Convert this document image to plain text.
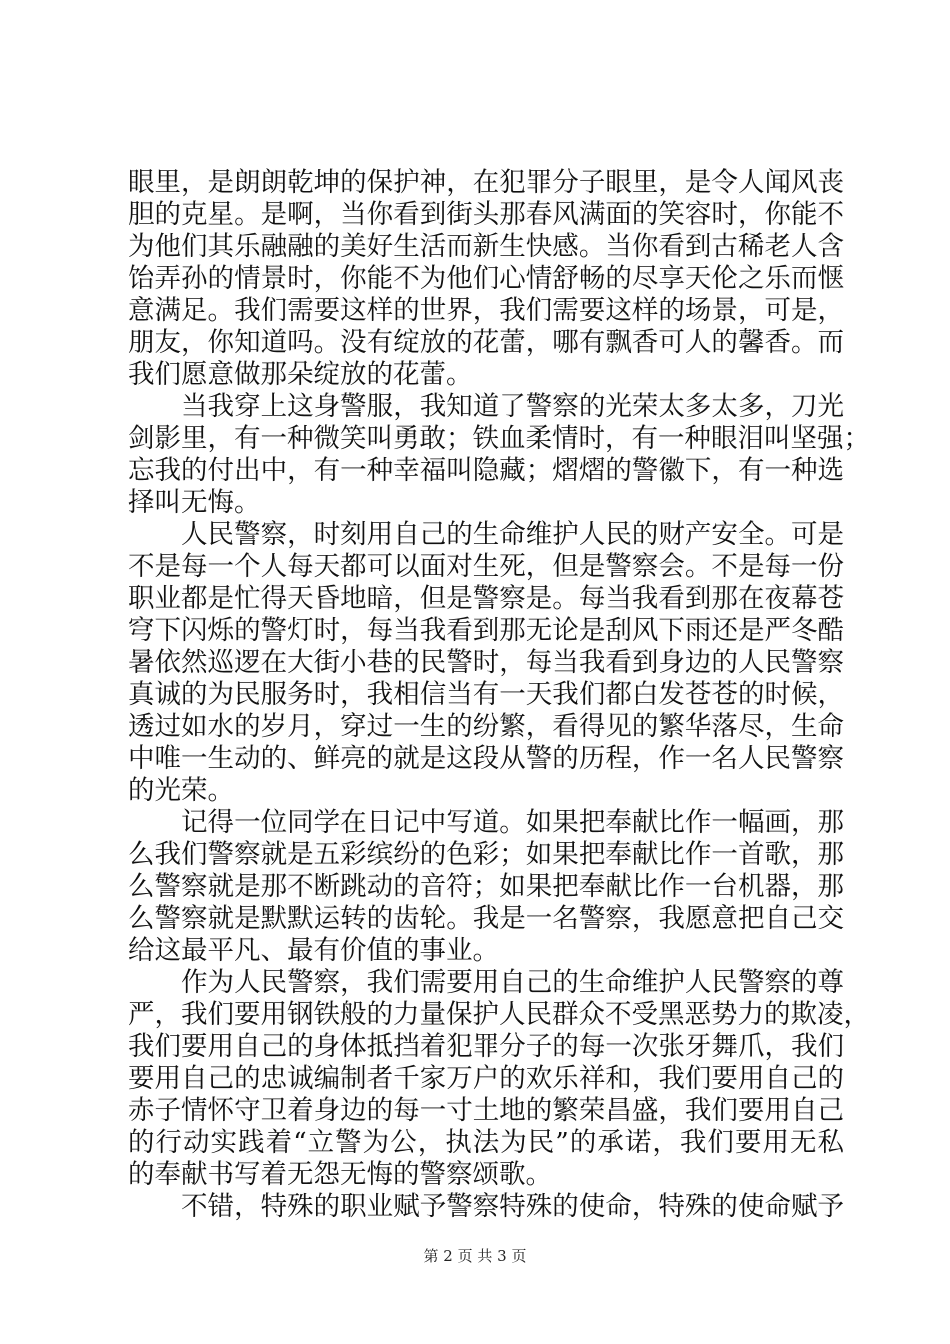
眼里，是朗朗乾坤的保护神，在犯罪分子眼里，是令人闻风丧
胆的克星。是啊，当你看到街头那春风满面的笑容时，你能不
为他们其乐融融的美好生活而新生快感。当你看到古稀老人含
饴弄孙的情景时，你能不为他们心情舒畅的尽享天伦之乐而惬
意满足。我们需要这样的世界，我们需要这样的场景，可是，
朋友，你知道吗。没有绽放的花蕾，哪有飘香可人的馨香。而
我们愿意做那朵绽放的花蕾。
　　当我穿上这身警服，我知道了警察的光荣太多太多，刀光
剑影里，有一种微笑叫勇敢；铁血柔情时，有一种眼泪叫坚强；
忘我的付出中，有一种幸福叫隐藏；熠熠的警徽下，有一种选
择叫无悔。
　　人民警察，时刻用自己的生命维护人民的财产安全。可是
不是每一个人每天都可以面对生死，但是警察会。不是每一份
职业都是忙得天昏地暗，但是警察是。每当我看到那在夜幕苍
穹下闪烁的警灯时，每当我看到那无论是刮风下雨还是严冬酷
暑依然巡逻在大街小巷的民警时，每当我看到身边的人民警察
真诚的为民服务时，我相信当有一天我们都白发苍苍的时候，
透过如水的岁月，穿过一生的纷繁，看得见的繁华落尽，生命
中唯一生动的、鲜亮的就是这段从警的历程，作一名人民警察
的光荣。
　　记得一位同学在日记中写道。如果把奉献比作一幅画，那
么我们警察就是五彩缤纷的色彩；如果把奉献比作一首歌，那
么警察就是那不断跳动的音符；如果把奉献比作一台机器，那
么警察就是默默运转的齿轮。我是一名警察，我愿意把自己交
给这最平凡、最有价值的事业。
　　作为人民警察，我们需要用自己的生命维护人民警察的尊
严，我们要用钢铁般的力量保护人民群众不受黑恶势力的欺凌，
我们要用自己的身体抵挡着犯罪分子的每一次张牙舞爪，我们
要用自己的忠诚编制者千家万户的欢乐祥和，我们要用自己的
赤子情怀守卫着身边的每一寸土地的繁荣昌盛，我们要用自己
的行动实践着“立警为公，执法为民”的承诺，我们要用无私
的奉献书写着无怨无悔的警察颂歌。
　　不错，特殊的职业赋予警察特殊的使命，特殊的使命赋予
第 2 页 共 3 页
